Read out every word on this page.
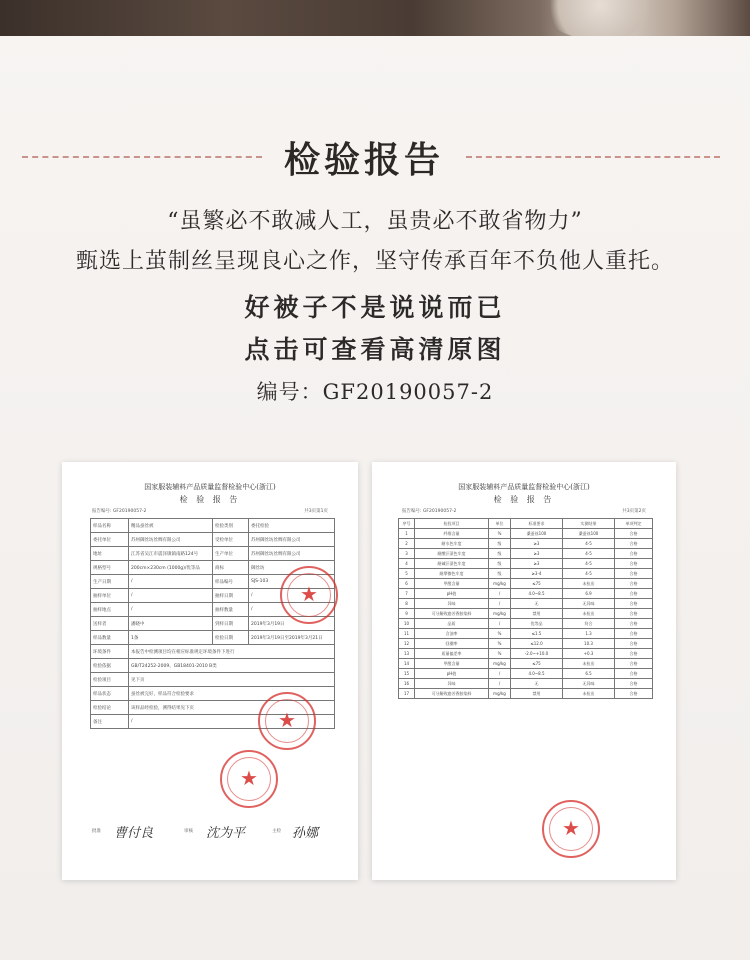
检验报告
“虽繁必不敢减人工，虽贵必不敢省物力”
甄选上茧制丝呈现良心之作，坚守传承百年不负他人重托。
好被子不是说说而已
点击可查看高清原图
编号：GF20190057-2
国家服装辅料产品质量监督检验中心(浙江)
检 验 报 告
报告编号: GF20190057-2	共3页第1页
样品名称	精品蚕丝被	检验类别	委托检验
委托单位	苏州御丝坊丝绸有限公司	受检单位	苏州御丝坊丝绸有限公司
地址	江苏省吴江市震泽镇镇南路124号	生产单位	苏州御丝坊丝绸有限公司
规格型号	200cm×230cm (1000g)/优等品	商标	御丝坊
生产日期	/	样品编号	SJS-103
抽样单位	/	抽样日期	/
抽样地点	/	抽样数量	/
送样者	潘晓中	到样日期	2019年3月19日
样品数量	1条	检验日期	2019年3月19日至2019年3月21日
环境条件	本报告中检测项目均在相应标准规定环境条件下进行		
检验依据	GB/T24252-2009、GB18401-2010 B类		
检验项目	见下页		
样品状态	蚕丝被完好，样品符合检验要求		
检验结论	该样品经检验，测得结果见下页		
备注	/		
★
★
★
批准 曹付良	审核 沈为平	主检 孙娜
国家服装辅料产品质量监督检验中心(浙江)
检 验 报 告
报告编号: GF20190057-2	共3页第2页
序号	检验项目	单位	标准要求	实测结果	单项判定
1	纤维含量	%	桑蚕丝100	桑蚕丝100	合格
2	耐水色牢度	级	≥3	4-5	合格
3	耐酸汗渍色牢度	级	≥3	4-5	合格
4	耐碱汗渍色牢度	级	≥3	4-5	合格
5	耐摩擦色牢度	级	≥3-4	4-5	合格
6	甲醛含量	mg/kg	≤75	未检出	合格
7	pH值	/	4.0~8.5	6.9	合格
8	异味	/	无	无异味	合格
9	可分解致癌芳香胺染料	mg/kg	禁用	未检出	合格
10	品质	/	优等品	符合	合格
11	含油率	%	≤1.5	1.3	合格
12	回潮率	%	≤12.0	10.3	合格
13	质量偏差率	%	-2.0~+10.0	+0.3	合格
14	甲醛含量	mg/kg	≤75	未检出	合格
15	pH值	/	4.0~8.5	6.5	合格
16	异味	/	无	无异味	合格
17	可分解致癌芳香胺染料	mg/kg	禁用	未检出	合格
★
